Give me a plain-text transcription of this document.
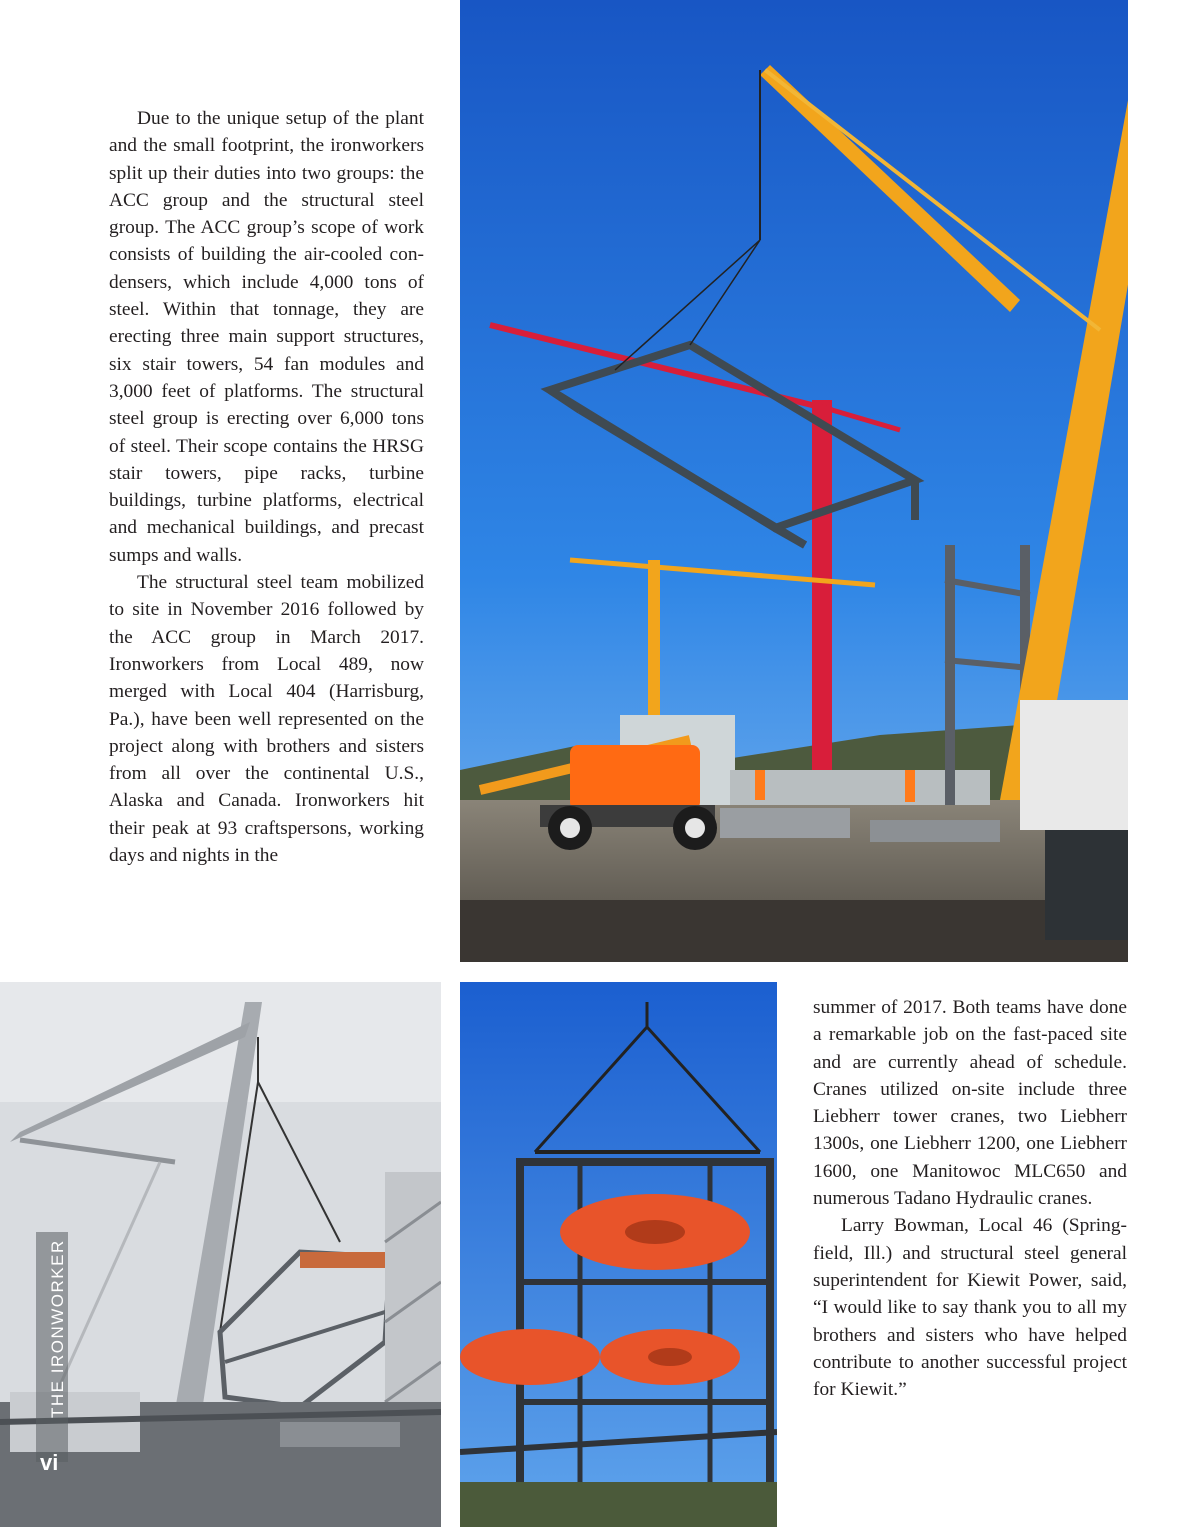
Due to the unique setup of the plant and the small footprint, the ironworkers split up their duties into two groups: the ACC group and the structural steel group. The ACC group’s scope of work consists of building the air-cooled condensers, which include 4,000 tons of steel. Within that tonnage, they are erecting three main support structures, six stair towers, 54 fan modules and 3,000 feet of platforms. The structural steel group is erecting over 6,000 tons of steel. Their scope contains the HRSG stair towers, pipe racks, turbine buildings, turbine platforms, electrical and mechanical buildings, and precast sumps and walls.

The structural steel team mobilized to site in November 2016 followed by the ACC group in March 2017. Ironworkers from Local 489, now merged with Local 404 (Harrisburg, Pa.), have been well represented on the project along with brothers and sisters from all over the continental U.S., Alaska and Canada. Ironworkers hit their peak at 93 craftspersons, working days and nights in the

summer of 2017. Both teams have done a remarkable job on the fast-paced site and are currently ahead of schedule. Cranes utilized on-site include three Liebherr tower cranes, two Liebherr 1300s, one Liebherr 1200, one Liebherr 1600, one Manitowoc MLC650 and numerous Tadano Hydraulic cranes.

Larry Bowman, Local 46 (Springfield, Ill.) and structural steel general superintendent for Kiewit Power, said, “I would like to say thank you to all my brothers and sisters who have helped contribute to another successful project for Kiewit.”

THE IRONWORKER
vi
